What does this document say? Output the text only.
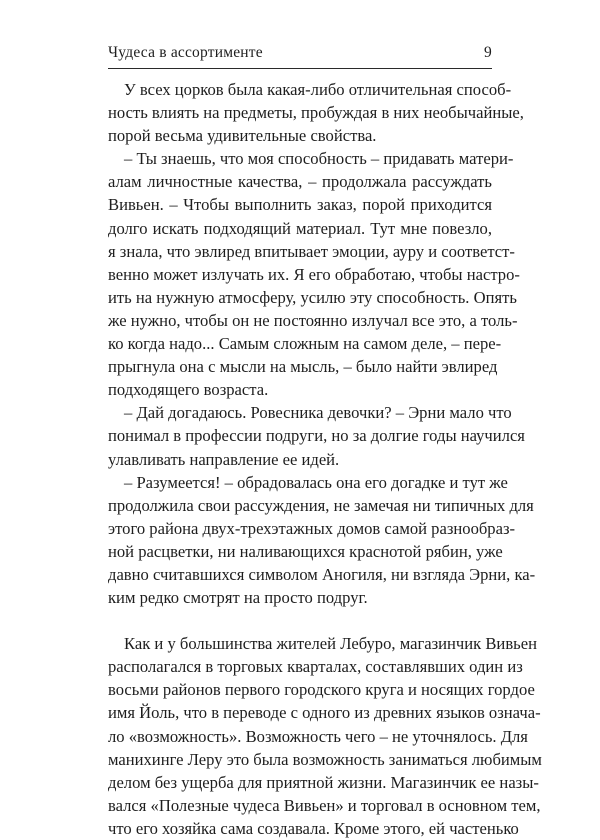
Чудеса в ассортименте	9
У всех цорков была какая-либо отличительная способ-
ность влиять на предметы, пробуждая в них необычайные,
порой весьма удивительные свойства.
– Ты знаешь, что моя способность – придавать матери-
алам личностные качества, – продолжала рассуждать
Вивьен. – Чтобы выполнить заказ, порой приходится
долго искать подходящий материал. Тут мне повезло,
я знала, что эвлиред впитывает эмоции, ауру и соответст-
венно может излучать их. Я его обработаю, чтобы настро-
ить на нужную атмосферу, усилю эту способность. Опять
же нужно, чтобы он не постоянно излучал все это, а толь-
ко когда надо... Самым сложным на самом деле, – пере-
прыгнула она с мысли на мысль, – было найти эвлиред
подходящего возраста.
– Дай догадаюсь. Ровесника девочки? – Эрни мало что
понимал в профессии подруги, но за долгие годы научился
улавливать направление ее идей.
– Разумеется! – обрадовалась она его догадке и тут же
продолжила свои рассуждения, не замечая ни типичных для
этого района двух-трехэтажных домов самой разнообраз-
ной расцветки, ни наливающихся краснотой рябин, уже
давно считавшихся символом Аногиля, ни взгляда Эрни, ка-
ким редко смотрят на просто подруг.
Как и у большинства жителей Лебуро, магазинчик Вивьен
располагался в торговых кварталах, составлявших один из
восьми районов первого городского круга и носящих гордое
имя Йоль, что в переводе с одного из древних языков означа-
ло «возможность». Возможность чего – не уточнялось. Для
манихинге Леру это была возможность заниматься любимым
делом без ущерба для приятной жизни. Магазинчик ее назы-
вался «Полезные чудеса Вивьен» и торговал в основном тем,
что его хозяйка сама создавала. Кроме этого, ей частенько
